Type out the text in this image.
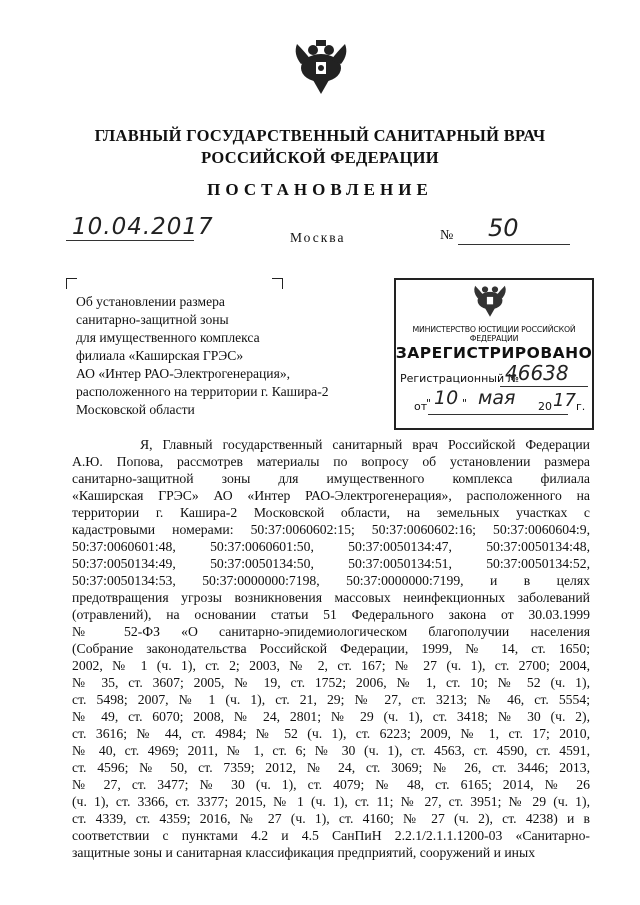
ГЛАВНЫЙ ГОСУДАРСТВЕННЫЙ САНИТАРНЫЙ ВРАЧ
РОССИЙСКОЙ ФЕДЕРАЦИИ
ПОСТАНОВЛЕНИЕ
10.04.2017	Москва	№ 50
Об установлении размера
санитарно-защитной зоны
для имущественного комплекса
филиала «Каширская ГРЭС»
АО «Интер РАО-Электрогенерация»,
расположенного на территории г. Кашира-2
Московской области
МИНИСТЕРСТВО ЮСТИЦИИ РОССИЙСКОЙ ФЕДЕРАЦИИ
ЗАРЕГИСТРИРОВАНО
Регистрационный №
46638
от
" 10 " мая 20 17 г.
Я, Главный государственный санитарный врач Российской Федерации
А.Ю. Попова, рассмотрев материалы по вопросу об установлении размера
санитарно-защитной зоны для имущественного комплекса филиала
«Каширская ГРЭС» АО «Интер РАО-Электрогенерация», расположенного на
территории г. Кашира-2 Московской области, на земельных участках с
кадастровыми номерами: 50:37:0060602:15; 50:37:0060602:16; 50:37:0060604:9,
50:37:0060601:48, 50:37:0060601:50, 50:37:0050134:47, 50:37:0050134:48,
50:37:0050134:49, 50:37:0050134:50, 50:37:0050134:51, 50:37:0050134:52,
50:37:0050134:53, 50:37:0000000:7198, 50:37:0000000:7199, и в целях
предотвращения угрозы возникновения массовых неинфекционных заболеваний
(отравлений), на основании статьи 51 Федерального закона от 30.03.1999
№ 52-ФЗ «О санитарно-эпидемиологическом благополучии населения
(Собрание законодательства Российской Федерации, 1999, № 14, ст. 1650;
2002, № 1 (ч. 1), ст. 2; 2003, № 2, ст. 167; № 27 (ч. 1), ст. 2700; 2004,
№ 35, ст. 3607; 2005, № 19, ст. 1752; 2006, № 1, ст. 10; № 52 (ч. 1),
ст. 5498; 2007, № 1 (ч. 1), ст. 21, 29; № 27, ст. 3213; № 46, ст. 5554;
№ 49, ст. 6070; 2008, № 24, 2801; № 29 (ч. 1), ст. 3418; № 30 (ч. 2),
ст. 3616; № 44, ст. 4984; № 52 (ч. 1), ст. 6223; 2009, № 1, ст. 17; 2010,
№ 40, ст. 4969; 2011, № 1, ст. 6; № 30 (ч. 1), ст. 4563, ст. 4590, ст. 4591,
ст. 4596; № 50, ст. 7359; 2012, № 24, ст. 3069; № 26, ст. 3446; 2013,
№ 27, ст. 3477; № 30 (ч. 1), ст. 4079; № 48, ст. 6165; 2014, № 26
(ч. 1), ст. 3366, ст. 3377; 2015, № 1 (ч. 1), ст. 11; № 27, ст. 3951; № 29 (ч. 1),
ст. 4339, ст. 4359; 2016, № 27 (ч. 1), ст. 4160; № 27 (ч. 2), ст. 4238) и в
соответствии с пунктами 4.2 и 4.5 СанПиН 2.2.1/2.1.1.1200-03 «Санитарно-
защитные зоны и санитарная классификация предприятий, сооружений и иных
